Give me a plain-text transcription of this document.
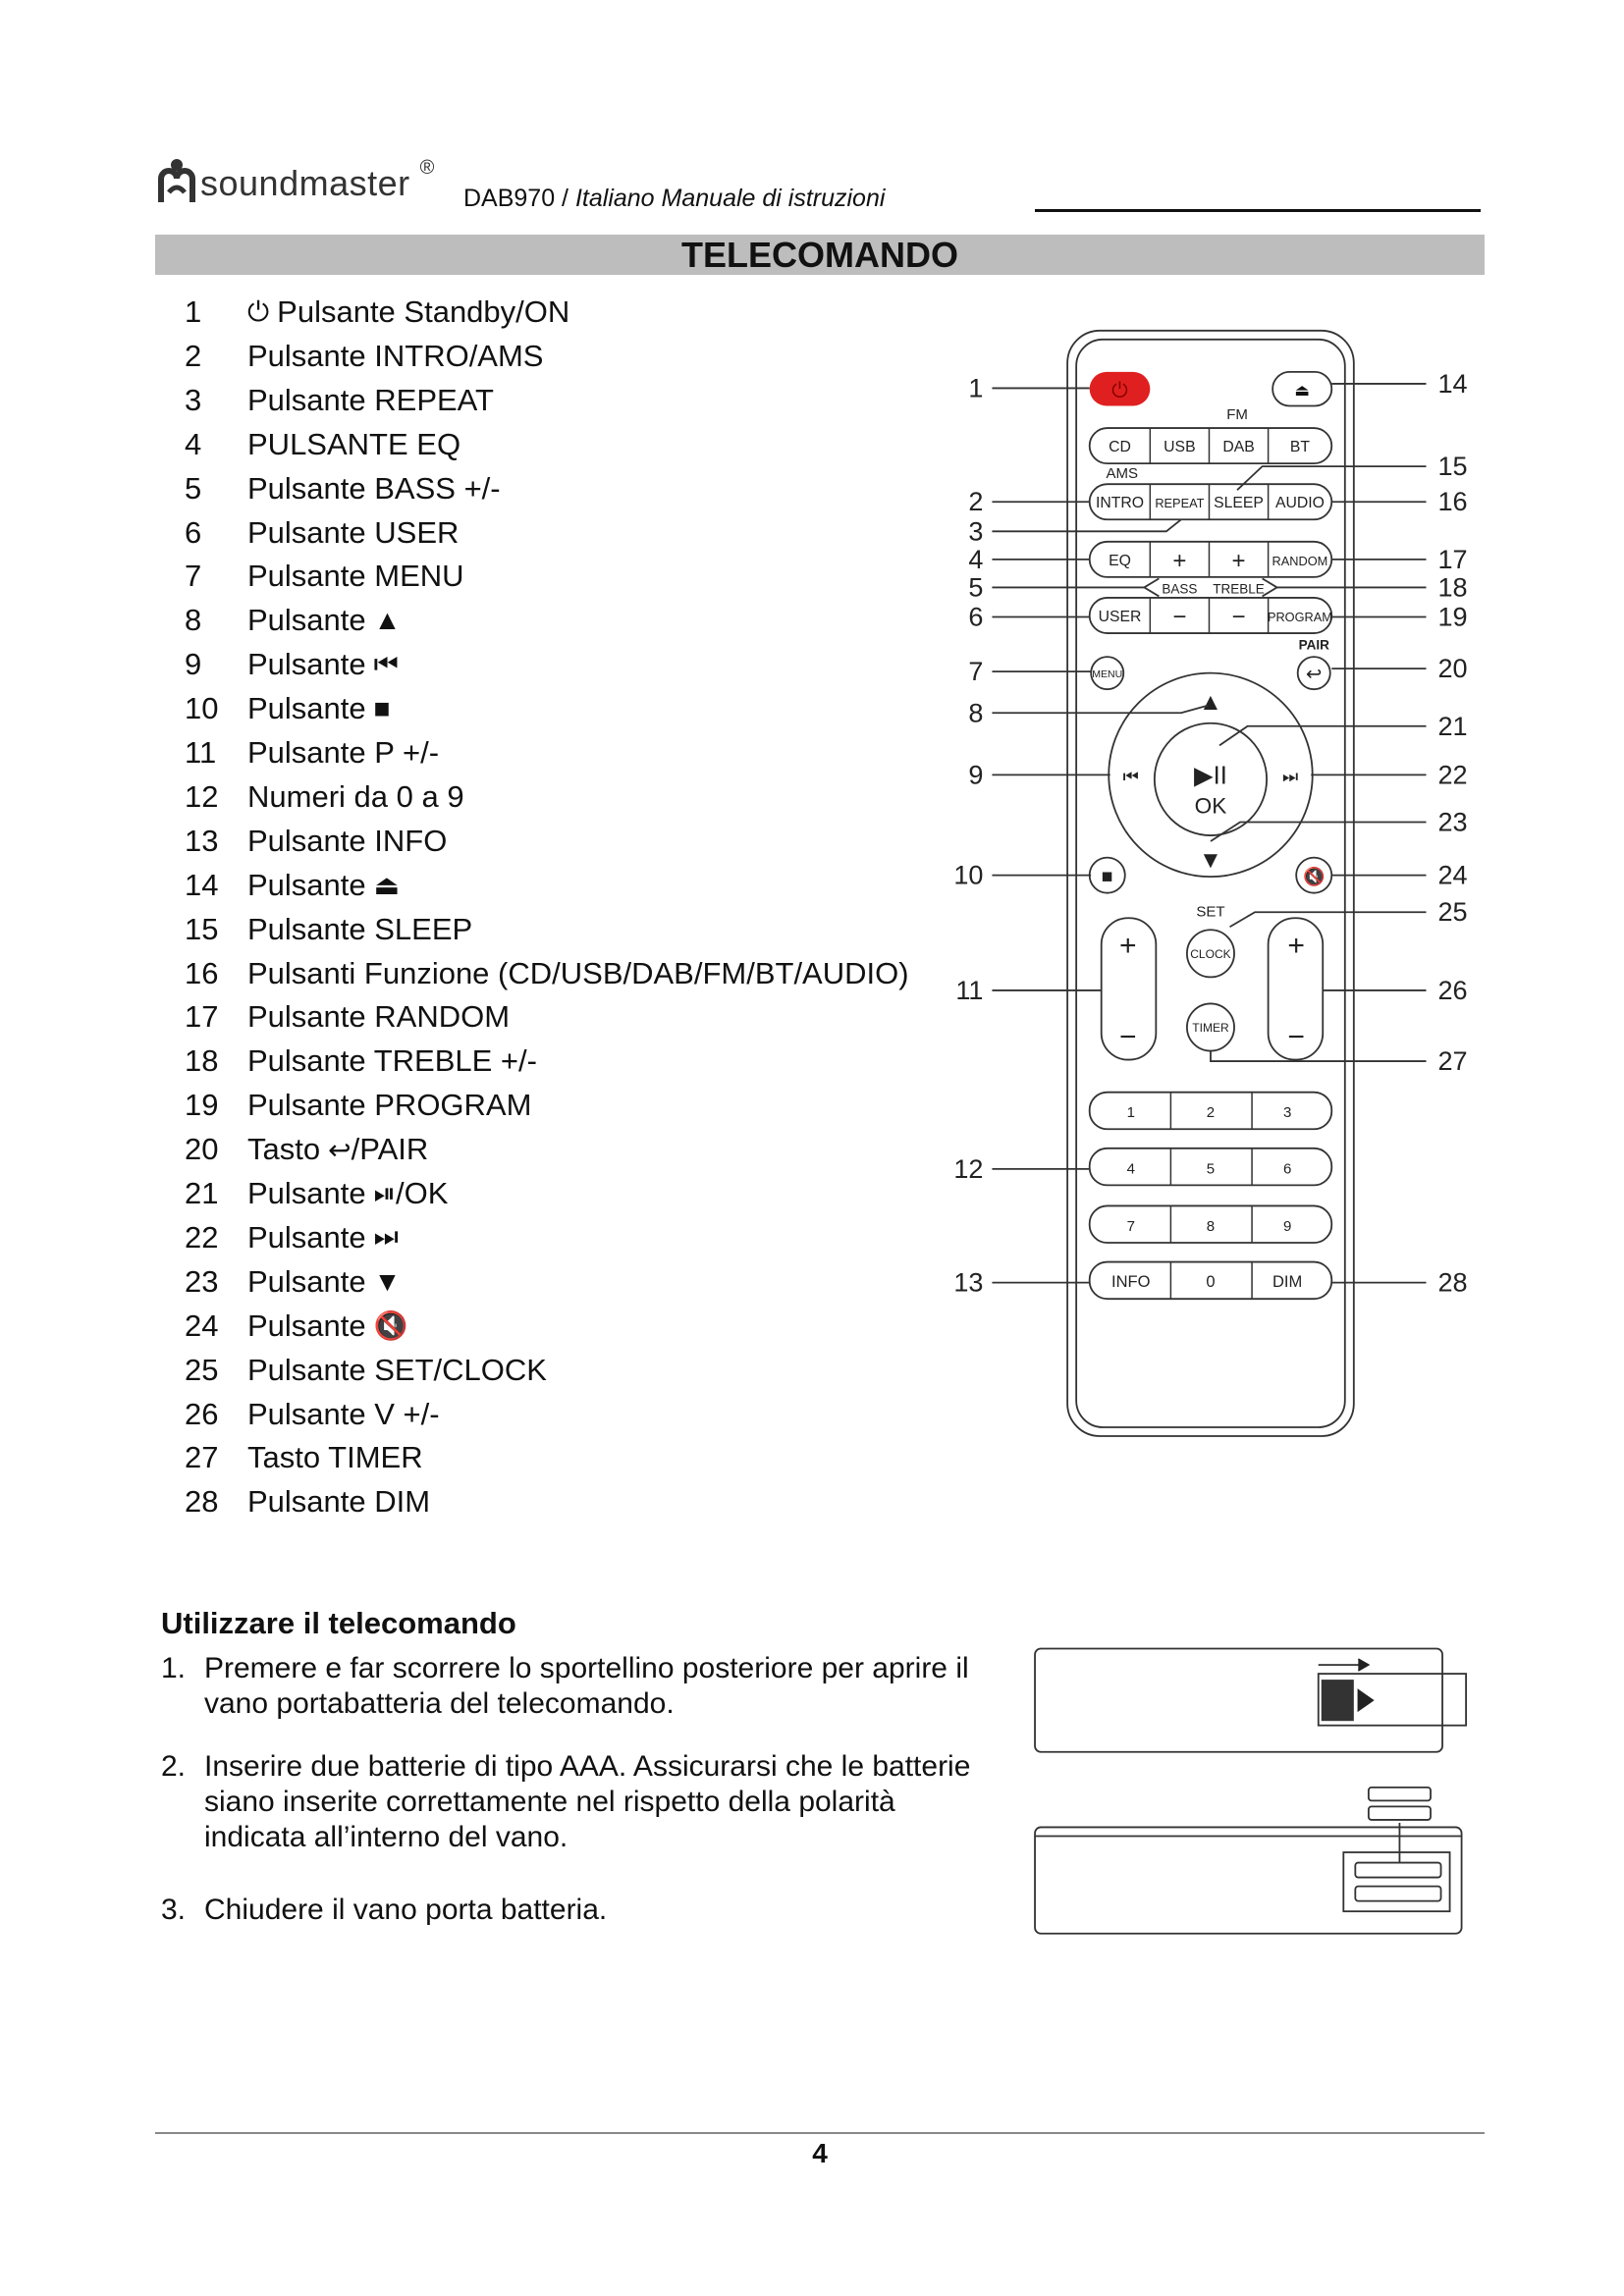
soundmaster ®
DAB970 / Italiano Manuale di istruzioni
TELECOMANDO
1	⏻ Pulsante Standby/ON
2	Pulsante INTRO/AMS
3	Pulsante REPEAT
4	PULSANTE EQ
5	Pulsante BASS +/-
6	Pulsante USER
7	Pulsante MENU
8	Pulsante ▲
9	Pulsante ⏮
10 Pulsante ■
11	Pulsante P +/-
12 Numeri da 0 a 9
13 Pulsante INFO
14 Pulsante ⏏
15 Pulsante SLEEP
16 Pulsanti Funzione (CD/USB/DAB/FM/BT/AUDIO)
17 Pulsante RANDOM
18 Pulsante TREBLE +/-
19 Pulsante PROGRAM
20 Tasto ↩ /PAIR
21 Pulsante ⏯ /OK
22 Pulsante ⏭
23 Pulsante ▼
24 Pulsante 🔇
25 Pulsante SET/CLOCK
26 Pulsante V +/-
27 Tasto TIMER
28 Pulsante DIM
⏻	⏏
FM
AMS
CD	USB	DAB	BT
INTRO REPEAT SLEEP AUDIO
EQ	+	+	RANDOM
USER −	−	PROGRAM
BASS TREBLE
PAIR
MENU	↩
▲
▼
⏮	⏭
▶II
OK
■	🔇
SET
+
−
+
−
CLOCK
TIMER
1	2	3
4	5	6
7	8	9
INFO	0	DIM
1
2
3
4
5
6
7
8
9
10
11
12
13
14
15
16
17
18
19
20
21
22
23
24
25
26
27
28
Utilizzare il telecomando
1. Premere e far scorrere lo sportellino posteriore per aprire il vano portabatteria del telecomando.
2. Inserire due batterie di tipo AAA. Assicurarsi che le batterie siano inserite correttamente nel rispetto della polarità indicata all’interno del vano.
3. Chiudere il vano porta batteria.
4
